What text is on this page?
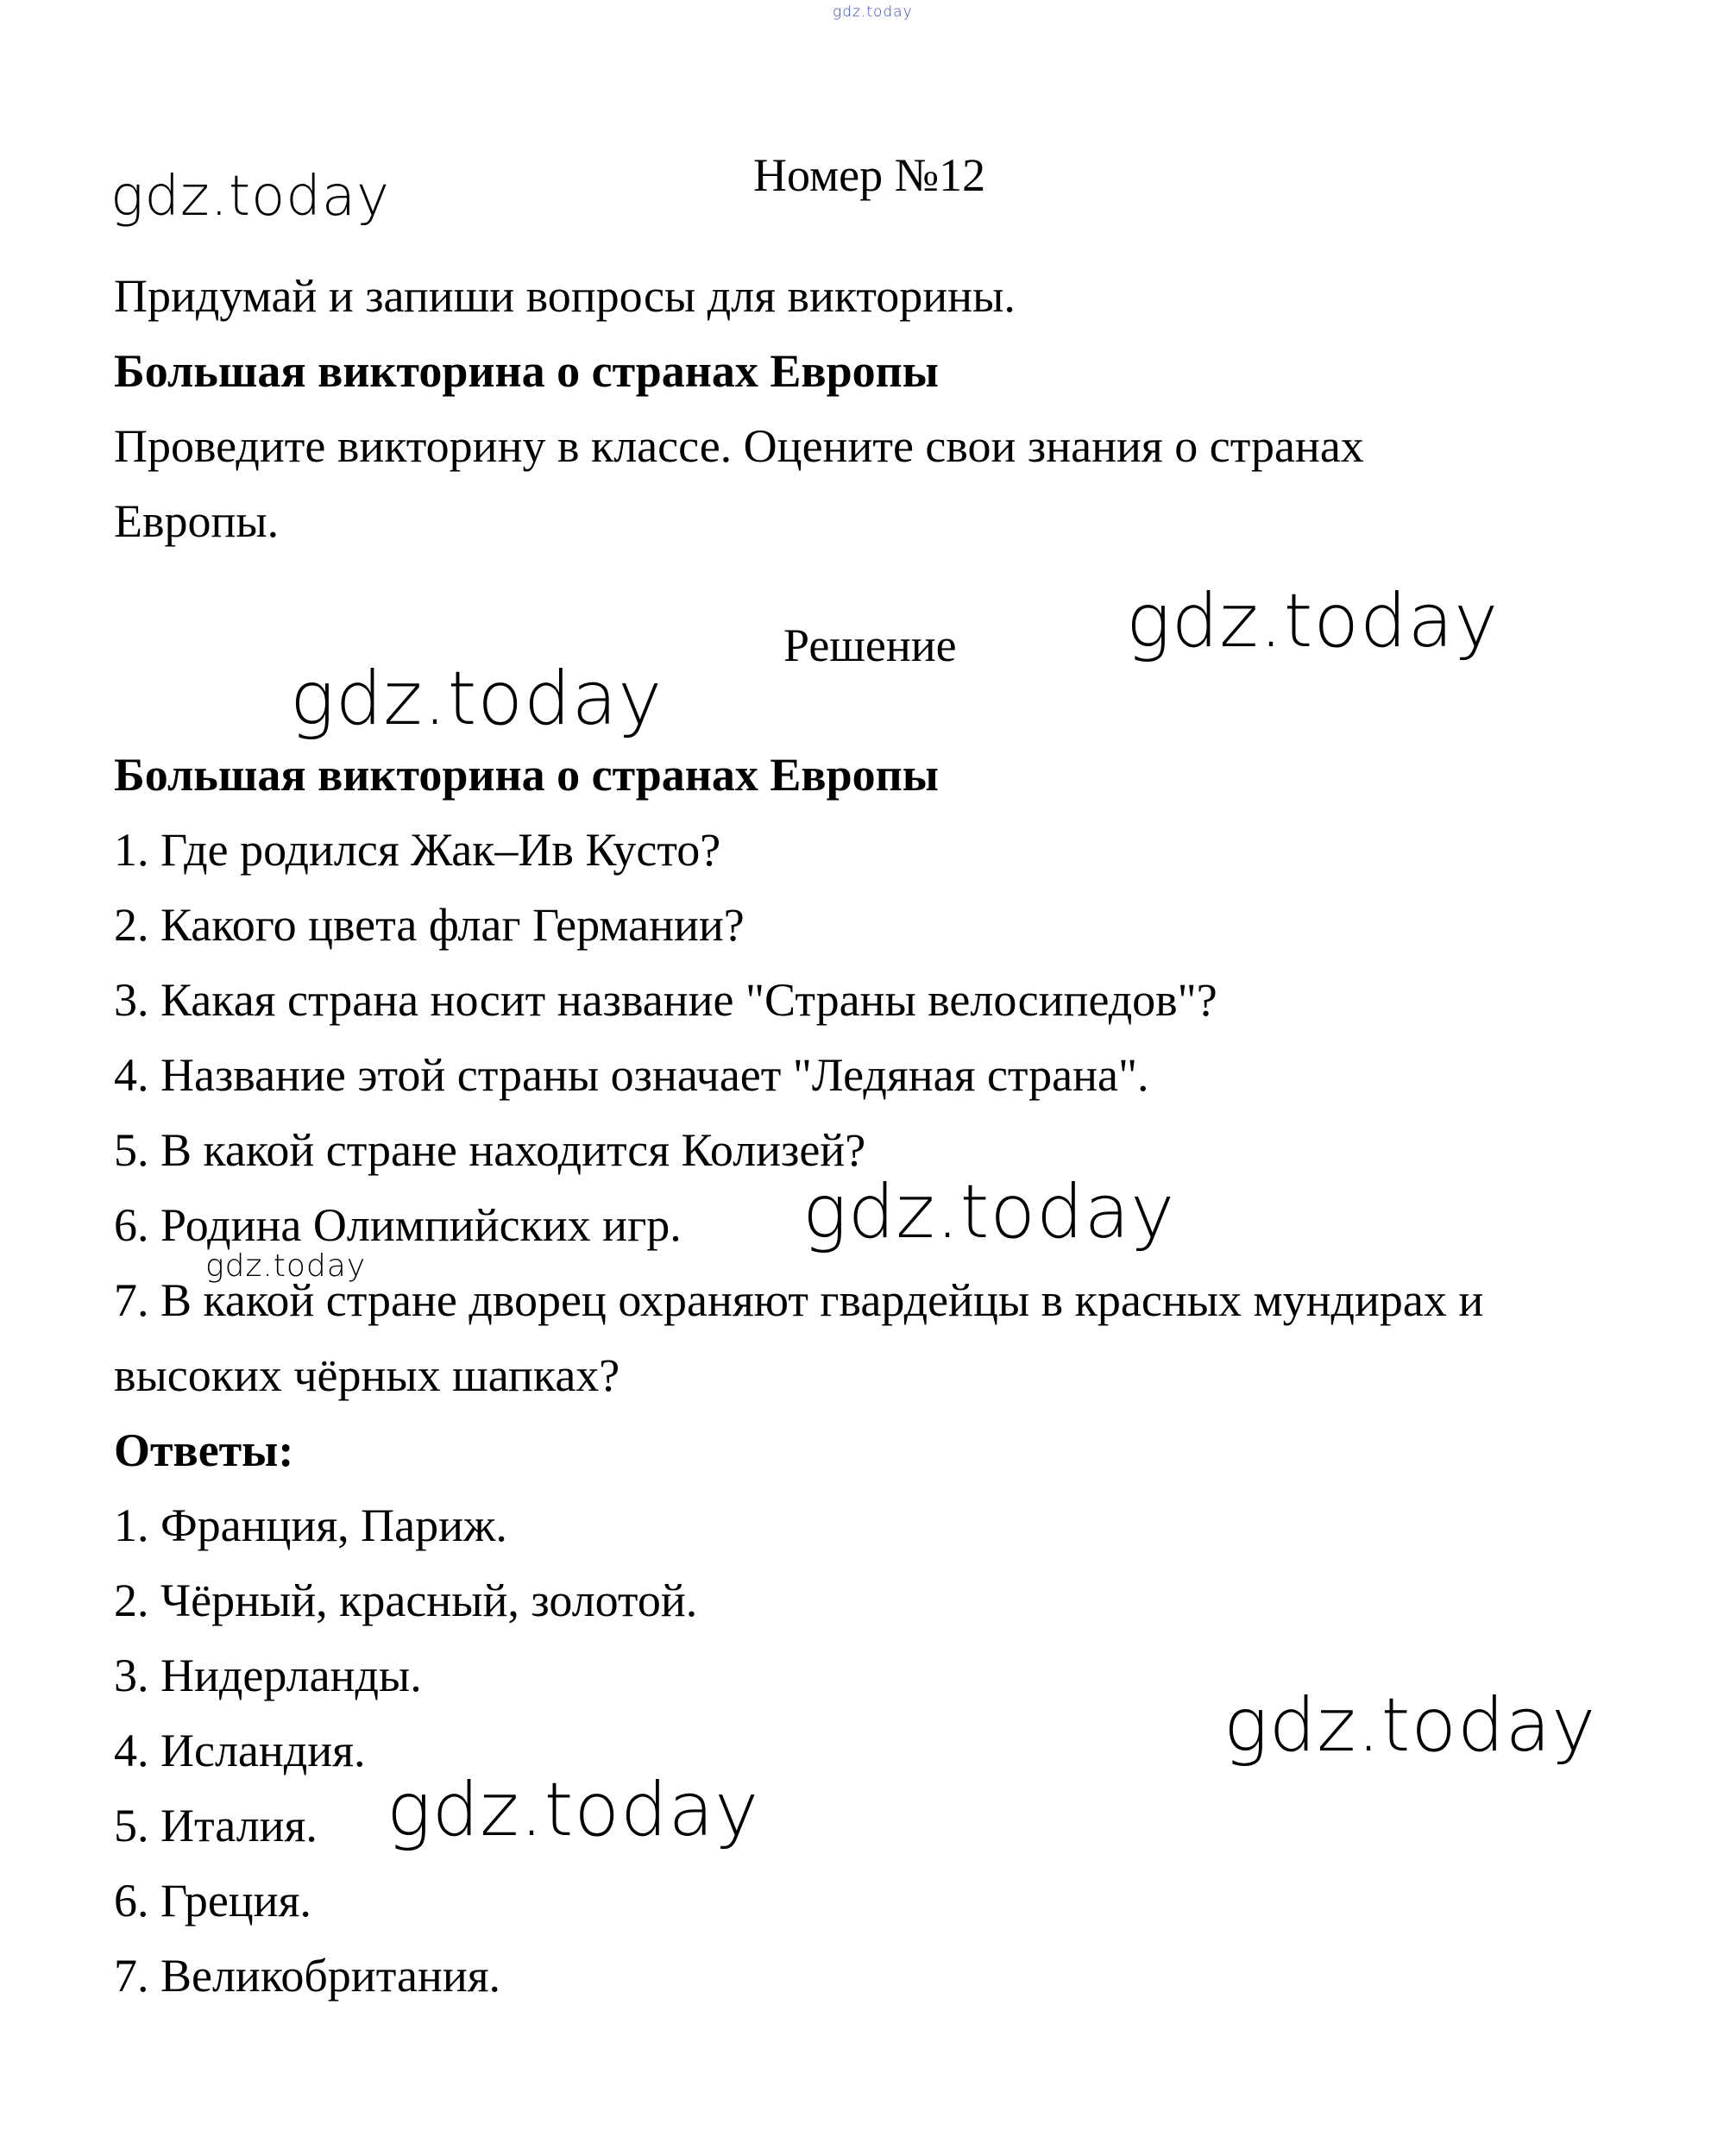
gdz.today
gdz.today	Номер №12
Придумай и запиши вопросы для викторины.
Большая викторина о странах Европы
Проведите викторину в классе. Оцените свои знания о странах
Европы.
gdz.today
Решение
gdz.today
Большая викторина о странах Европы
1. Где родился Жак–Ив Кусто?
2. Какого цвета флаг Германии?
3. Какая страна носит название "Страны велосипедов"?
4. Название этой страны означает "Ледяная страна".
5. В какой стране находится Колизей?
6. Родина Олимпийских игр. gdz.today
gdz.today
7. В какой стране дворец охраняют гвардейцы в красных мундирах и
высоких чёрных шапках?
Ответы:
1. Франция, Париж.
2. Чёрный, красный, золотой.
3. Нидерланды.
4. Исландия.
5. Италия.
6. Греция.
7. Великобритания.
gdz.today
gdz.today
